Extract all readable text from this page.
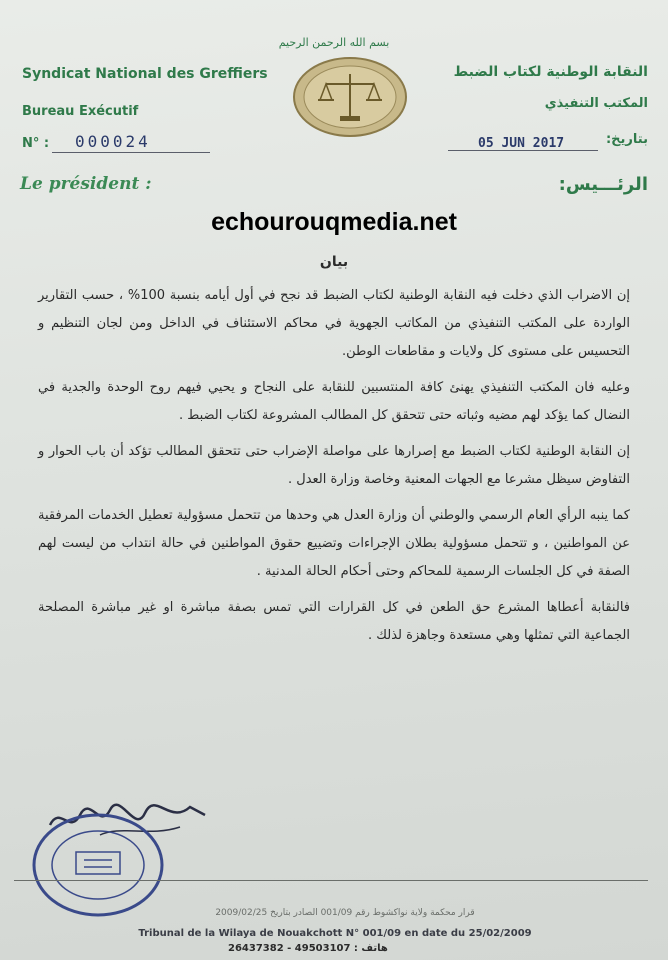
بسم الله الرحمن الرحيم
Syndicat National des Greffiers
Bureau Exécutif
N° : 000024
Le président :
النقابة الوطنية لكتاب الضبط
المكتب التنفيذي
بتاريخ:
05 JUN 2017
الرئـــيس:
echourouqmedia.net
بيان

إن الاضراب الذي دخلت فيه النقابة الوطنية لكتاب الضبط قد نجح في أول أيامه بنسبة 100% ، حسب التقارير الواردة على المكتب التنفيذي من المكاتب الجهوية في محاكم الاستئناف في الداخل ومن لجان التنظيم و التحسيس على مستوى كل ولايات و مقاطعات الوطن.

وعليه فان المكتب التنفيذي يهنئ كافة المنتسبين للنقابة على النجاح و يحيي فيهم روح الوحدة والجدية في النضال كما يؤكد لهم مضيه وثباته حتى تتحقق كل المطالب المشروعة لكتاب الضبط .

إن النقابة الوطنية لكتاب الضبط مع إصرارها على مواصلة الإضراب حتى تتحقق المطالب تؤكد أن باب الحوار و التفاوض سيظل مشرعا مع الجهات المعنية وخاصة وزارة العدل .

كما ينبه الرأي العام الرسمي والوطني أن وزارة العدل هي وحدها من تتحمل مسؤولية تعطيل الخدمات المرفقية عن المواطنين ، و تتحمل مسؤولية بطلان الإجراءات وتضييع حقوق المواطنين في حالة انتداب من ليست لهم الصفة في كل الجلسات الرسمية للمحاكم وحتى أحكام الحالة المدنية .

فالنقابة أعطاها المشرع حق الطعن في كل القرارات التي تمس بصفة مباشرة او غير مباشرة المصلحة الجماعية التي تمثلها وهي مستعدة وجاهزة لذلك .

قرار محكمة ولاية نواكشوط رقم 001/09 الصادر بتاريخ 2009/02/25
Tribunal de la Wilaya de Nouakchott N° 001/09 en date du 25/02/2009
26437382 - 49503107 : هاتف
